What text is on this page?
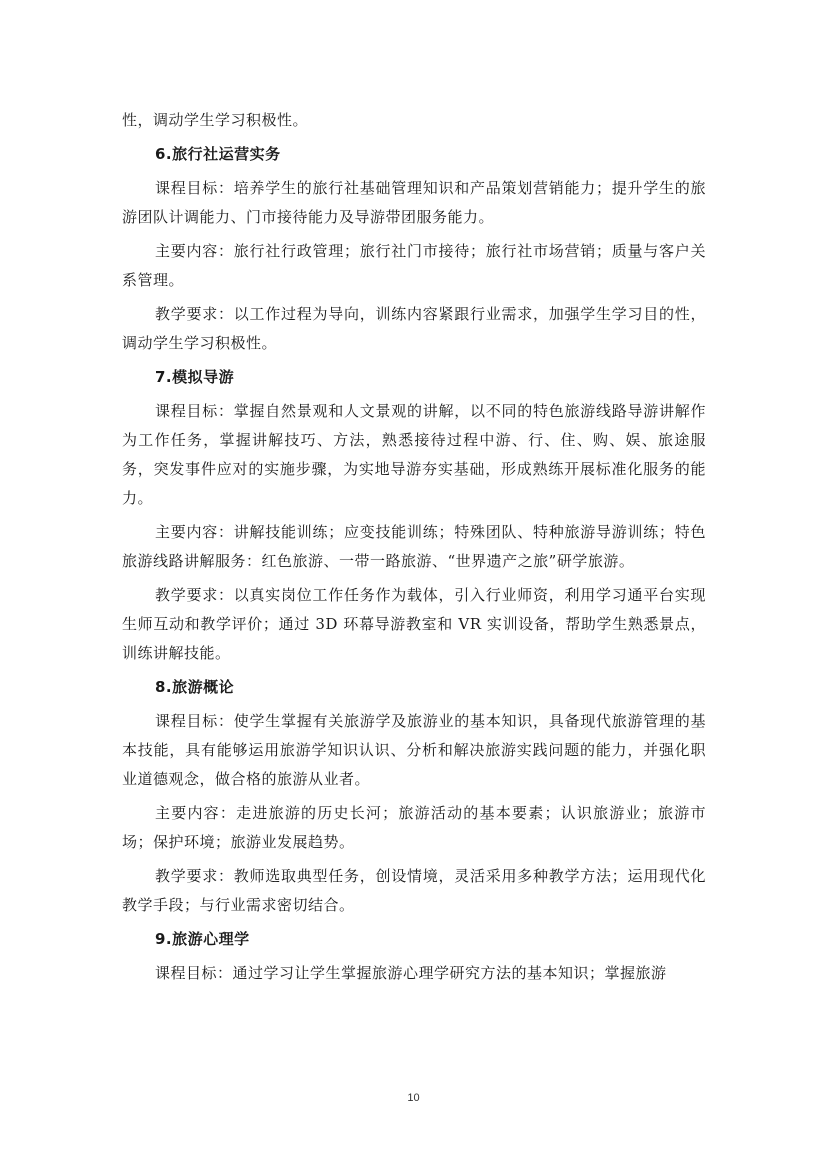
性，调动学生学习积极性。

6.旅行社运营实务

课程目标：培养学生的旅行社基础管理知识和产品策划营销能力；提升学生的旅游团队计调能力、门市接待能力及导游带团服务能力。

主要内容：旅行社行政管理；旅行社门市接待；旅行社市场营销；质量与客户关系管理。

教学要求：以工作过程为导向，训练内容紧跟行业需求，加强学生学习目的性，调动学生学习积极性。

7.模拟导游

课程目标：掌握自然景观和人文景观的讲解，以不同的特色旅游线路导游讲解作为工作任务，掌握讲解技巧、方法，熟悉接待过程中游、行、住、购、娱、旅途服务，突发事件应对的实施步骤，为实地导游夯实基础，形成熟练开展标准化服务的能力。

主要内容：讲解技能训练；应变技能训练；特殊团队、特种旅游导游训练；特色旅游线路讲解服务：红色旅游、一带一路旅游、“世界遗产之旅”研学旅游。

教学要求：以真实岗位工作任务作为载体，引入行业师资，利用学习通平台实现生师互动和教学评价；通过 3D 环幕导游教室和 VR 实训设备，帮助学生熟悉景点，训练讲解技能。

8.旅游概论

课程目标：使学生掌握有关旅游学及旅游业的基本知识，具备现代旅游管理的基本技能，具有能够运用旅游学知识认识、分析和解决旅游实践问题的能力，并强化职业道德观念，做合格的旅游从业者。

主要内容：走进旅游的历史长河；旅游活动的基本要素；认识旅游业；旅游市场；保护环境；旅游业发展趋势。

教学要求：教师选取典型任务，创设情境，灵活采用多种教学方法；运用现代化教学手段；与行业需求密切结合。

9.旅游心理学

课程目标：通过学习让学生掌握旅游心理学研究方法的基本知识；掌握旅游

10
